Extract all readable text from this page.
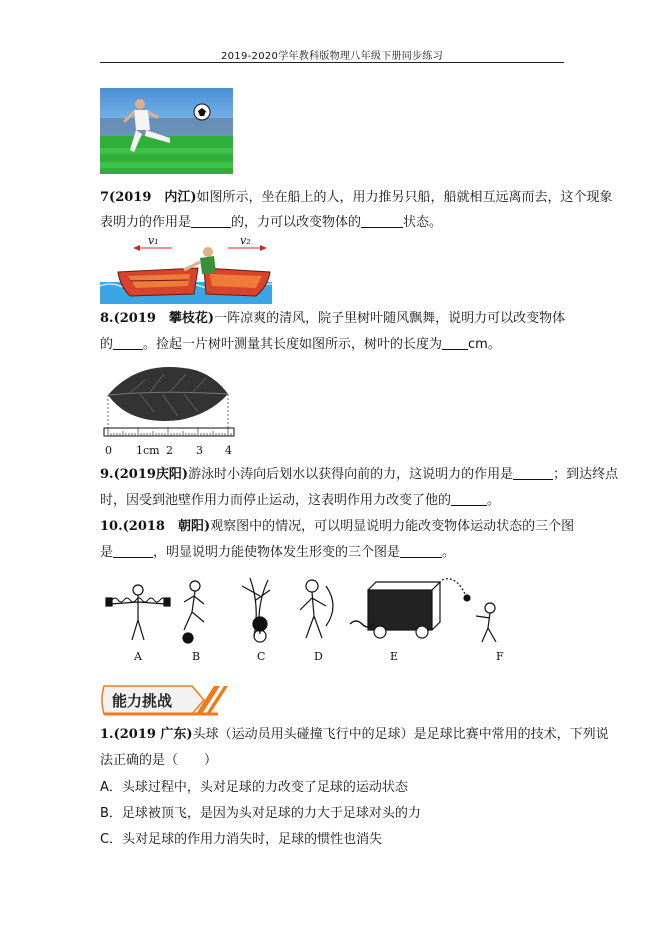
2019-2020学年教科版物理八年级下册同步练习
7(2019　内江)如图所示，坐在船上的人，用力推另只船，船就相互远离而去，这个现象
表明力的作用是	的，力可以改变物体的	状态。
v₁	v₂
8.(2019　攀枝花)一阵凉爽的清风，院子里树叶随风飘舞，说明力可以改变物体
的 。捡起一片树叶测量其长度如图所示，树叶的长度为 cm。
0 1cm 2 3 4
9.(2019庆阳)游泳时小涛向后划水以获得向前的力，这说明力的作用是	；到达终点
时，因受到池壁作用力而停止运动，这表明作用力改变了他的	。
10.(2018　朝阳)观察图中的情况，可以明显说明力能改变物体运动状态的三个图
是	，明显说明力能使物体发生形变的三个图是	。
A	B	C	D	E	F
能力挑战
1.(2019 广东)头球（运动员用头碰撞飞行中的足球）是足球比赛中常用的技术，下列说
法正确的是（　　）
A．头球过程中，头对足球的力改变了足球的运动状态
B．足球被顶飞，是因为头对足球的力大于足球对头的力
C．头对足球的作用力消失时，足球的惯性也消失
